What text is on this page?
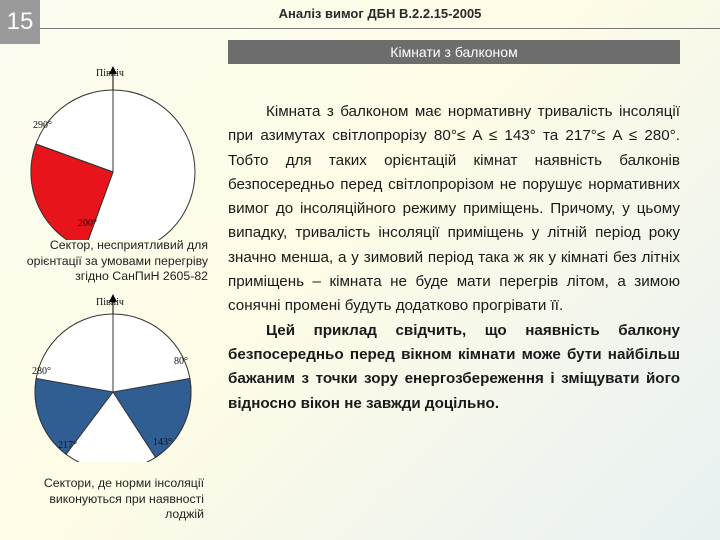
15	Аналіз вимог ДБН В.2.2.15-2005
Кімнати з балконом
Північ
290°
200°
Сектор, несприятливий для орієнтації за умовами перегріву згідно СанПиН 2605-82
Північ
80°
280°
217°	143°
Сектори, де норми інсоляції виконуються при наявності лоджій

Кімната з балконом має нормативну тривалість інсоляції при азимутах світлопрорізу 80°≤ A ≤ 143° та 217°≤ A ≤ 280°. Тобто для таких орієнтацій кімнат наявність балконів безпосередньо перед світлопрорізом не порушує нормативних вимог до інсоляційного режиму приміщень. Причому, у цьому випадку, тривалість інсоляції приміщень у літній період року значно менша, а у зимовий період така ж як у кімнаті без літніх приміщень – кімната не буде мати перегрів літом, а зимою сонячні промені будуть додатково прогрівати її.

Цей приклад свідчить, що наявність балкону безпосередньо перед вікном кімнати може бути найбільш бажаним з точки зору енергозбереження і зміщувати його відносно вікон не завжди доцільно.
